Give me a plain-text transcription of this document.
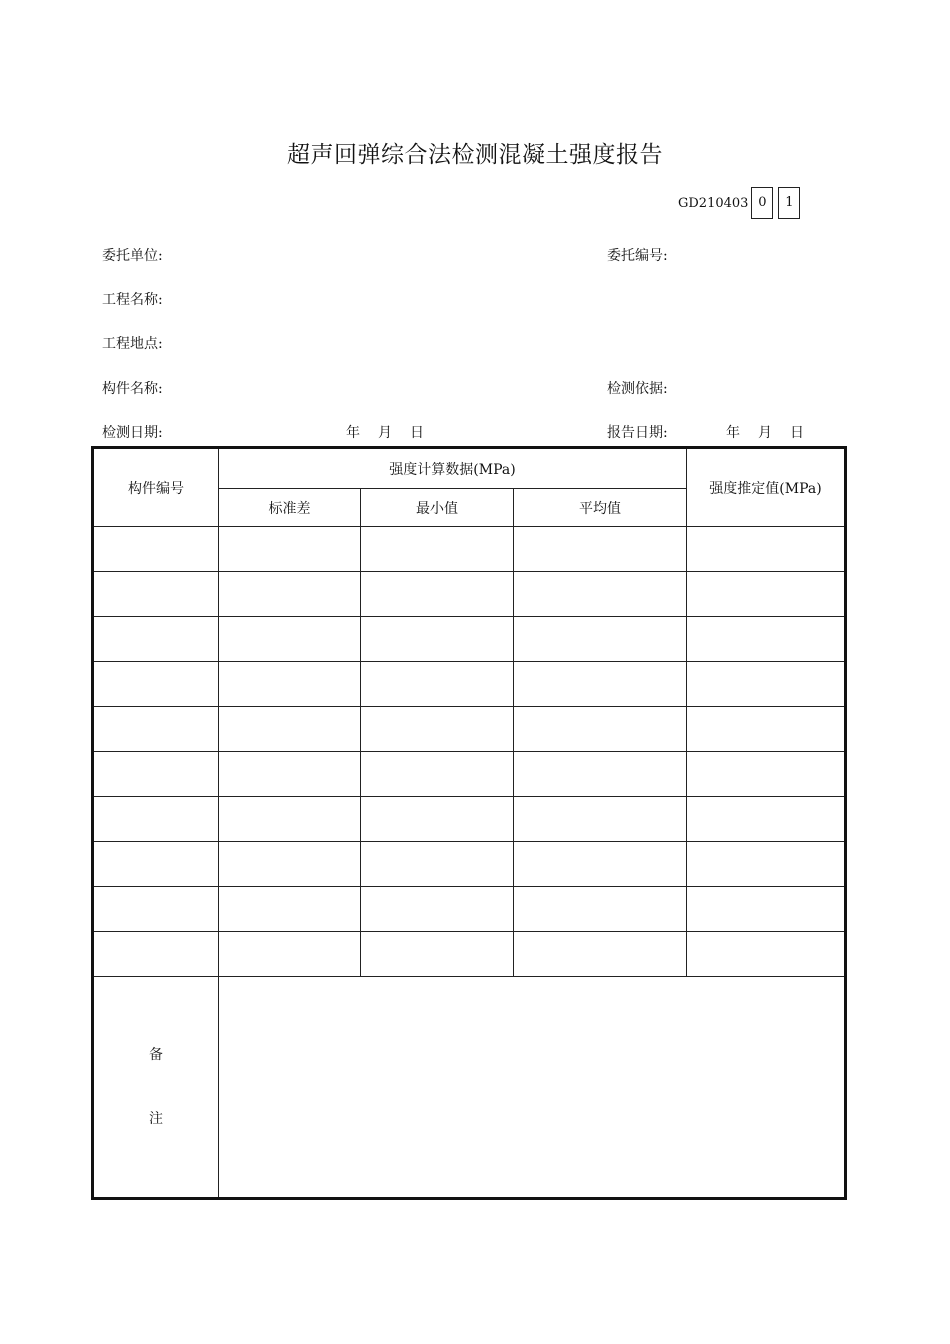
超声回弹综合法检测混凝土强度报告
GD210403 0	1
委托单位:	委托编号:
工程名称:
工程地点:
构件名称:	检测依据:
检测日期:	年 月 日	报告日期:	年 月 日
构件编号	强度计算数据(MPa)			强度推定值(MPa)
	标准差	最小值	平均值	

备
注				
